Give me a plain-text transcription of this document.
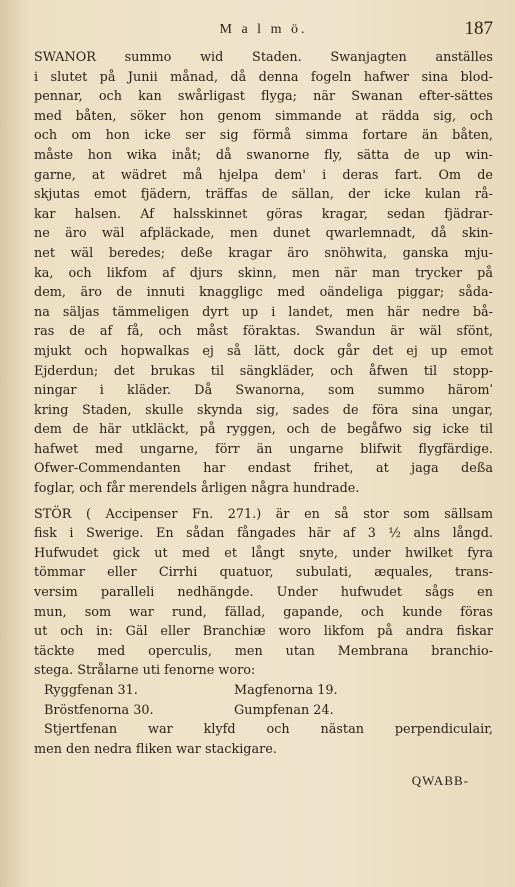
M a l m ö.	187
SWANOR summo wid Staden. Swanjagten anställes
i slutet på Junii månad, då denna fogeln hafwer sina blod-
pennar, och kan swårligast flyga; när Swanan efter-sättes
med båten, söker hon genom simmande at rädda sig, och
och om hon icke ser sig förmå simma fortare än båten,
måste hon wika inåt; då swanorne fly, sätta de up win-
garne, at wädret må hjelpa dem' i deras fart. Om de
skjutas emot fjädern, träffas de sällan, der icke kulan rå-
kar halsen. Af halsskinnet göras kragar, sedan fjädrar-
ne äro wäl afpläckade, men dunet qwarlemnadt, då skin-
net wäl beredes; deße kragar äro snöhwita, ganska mju-
ka, och likfom af djurs skinn, men när man trycker på
dem, äro de innuti knaggligc med oändeliga piggar; såda-
na säljas tämmeligen dyrt up i landet, men här nedre bå-
ras de af få, och måst föraktas. Swandun är wäl sfönt,
mjukt och hopwalkas ej så lätt, dock går det ej up emot
Ejderdun; det brukas til sängkläder, och åfwen til stopp-
ningar i kläder. Då Swanorna, som summo häromˈ
kring Staden, skulle skynda sig, sades de föra sina ungar,
dem de här utkläckt, på ryggen, och de begåfwo sig icke til
hafwet med ungarne, förr än ungarne blifwit flygfärdige.
Ofwer-Commendanten har endast frihet, at jaga deßa
foglar, och får merendels årligen några hundrade.
STÖR ( Accipenser Fn. 271.) är en så stor som sällsam
fisk i Swerige. En sådan fångades här af 3 ½ alns långd.
Hufwudet gick ut med et långt snyte, under hwilket fyra
tömmar eller Cirrhi quatuor, subulati, æquales, trans-
versim paralleli nedhängde. Under hufwudet sågs en
mun, som war rund, fällad, gapande, och kunde föras
ut och in: Gäl eller Branchiæ woro likfom på andra fiskar
täckte med operculis, men utan Membrana branchio-
stega. Strålarne uti fenorne woro:
Ryggfenan 31.	Magfenorna 19.
Bröstfenorna 30.	Gumpfenan 24.
Stjertfenan war klyfd och nästan perpendiculair,
men den nedra fliken war stackigare.
QWABB-
